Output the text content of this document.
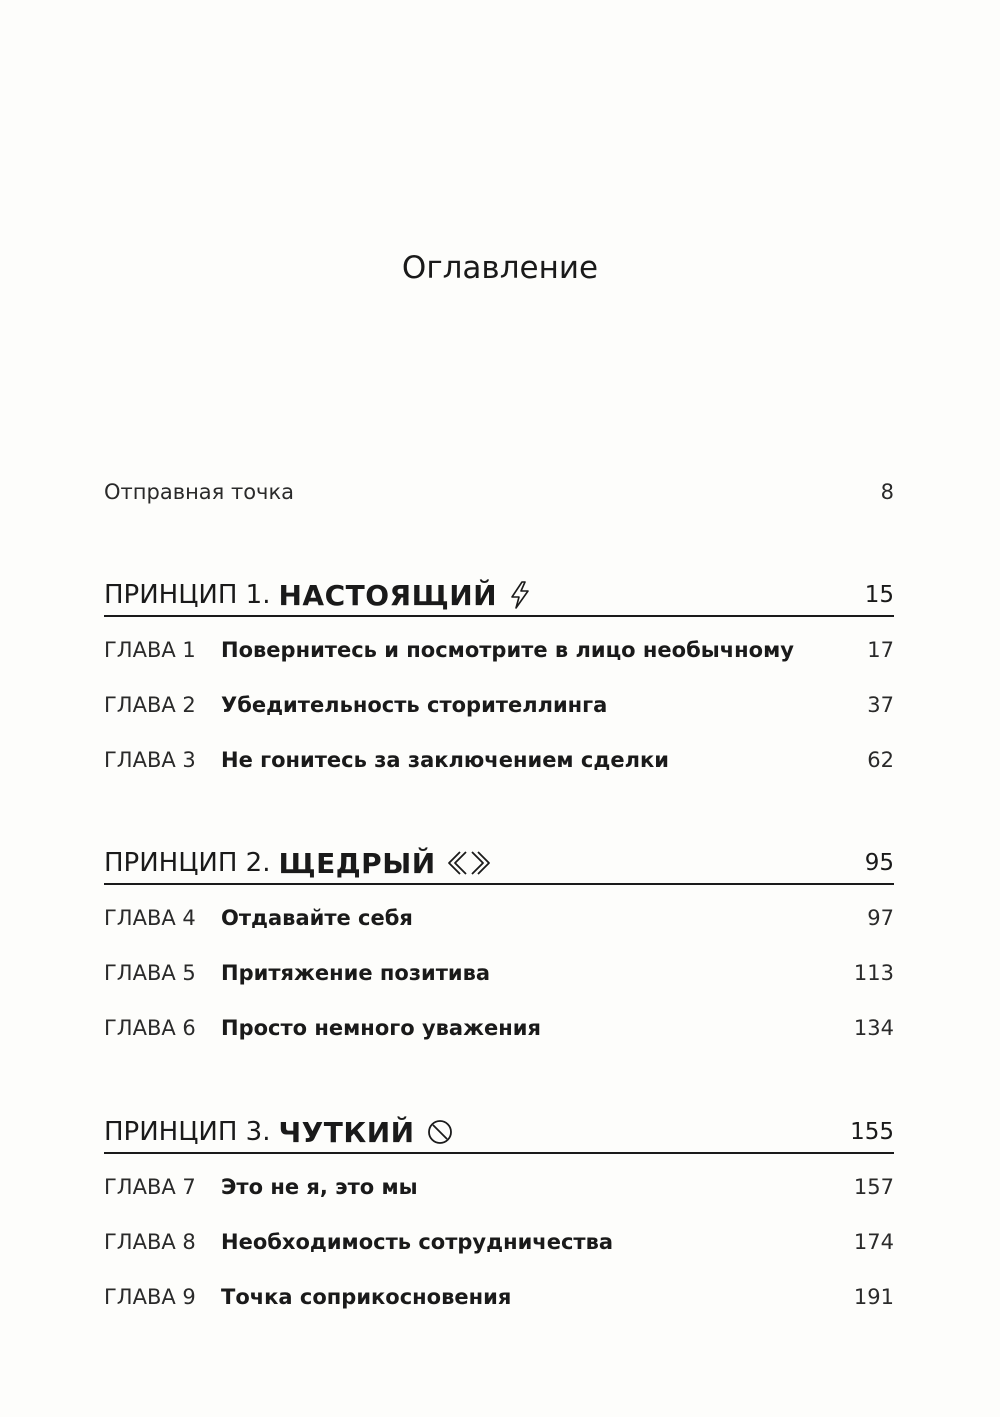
Оглавление
Отправная точка	8
ПРИНЦИП 1. НАСТОЯЩИЙ	15
ГЛАВА 1	Повернитесь и посмотрите в лицо необычному	17
ГЛАВА 2	Убедительность сторителлинга	37
ГЛАВА 3	Не гонитесь за заключением сделки	62
ПРИНЦИП 2. ЩЕДРЫЙ	95
ГЛАВА 4	Отдавайте себя	97
ГЛАВА 5	Притяжение позитива	113
ГЛАВА 6	Просто немного уважения	134
ПРИНЦИП 3. ЧУТКИЙ	155
ГЛАВА 7	Это не я, это мы	157
ГЛАВА 8	Необходимость сотрудничества	174
ГЛАВА 9	Точка соприкосновения	191
